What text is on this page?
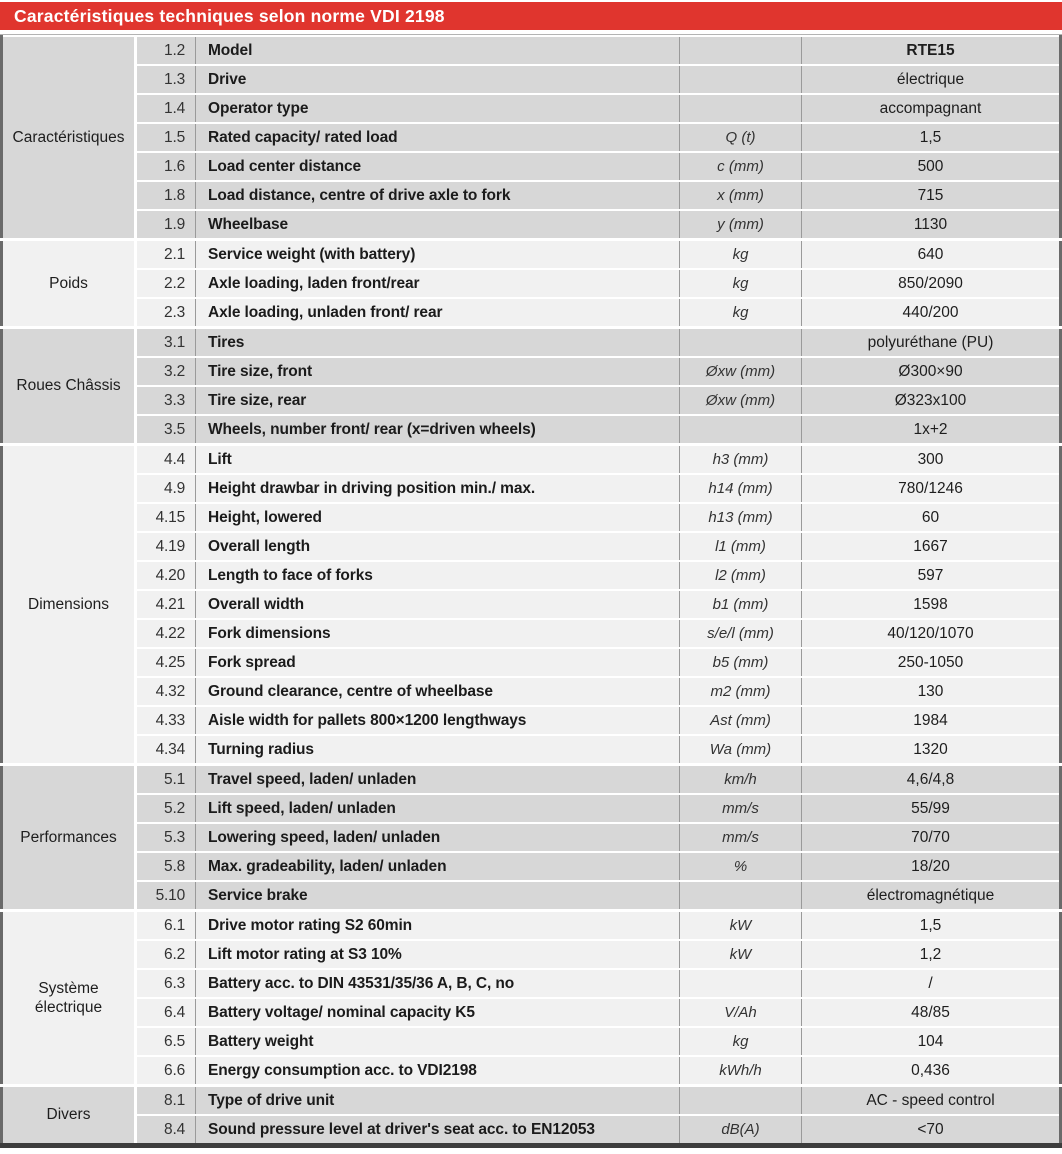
Caractéristiques techniques selon norme VDI 2198
Caractéristiques	1.2	Model		RTE15
	1.3	Drive		électrique
	1.4	Operator type		accompagnant
	1.5	Rated capacity/ rated load	Q (t)	1,5
	1.6	Load center distance	c (mm)	500
	1.8	Load distance, centre of drive axle to fork	x (mm)	715
	1.9	Wheelbase	y (mm)	1130
Poids	2.1	Service weight (with battery)	kg	640
	2.2	Axle loading, laden front/rear	kg	850/2090
	2.3	Axle loading, unladen front/ rear	kg	440/200
Roues Châssis	3.1	Tires		polyuréthane (PU)
	3.2	Tire size, front	Øxw (mm)	Ø300×90
	3.3	Tire size, rear	Øxw (mm)	Ø323x100
	3.5	Wheels, number front/ rear (x=driven wheels)		1x+2
Dimensions	4.4	Lift	h3 (mm)	300
	4.9	Height drawbar in driving position min./ max.	h14 (mm)	780/1246
	4.15	Height, lowered	h13 (mm)	60
	4.19	Overall length	l1 (mm)	1667
	4.20	Length to face of forks	l2 (mm)	597
	4.21	Overall width	b1 (mm)	1598
	4.22	Fork dimensions	s/e/l (mm)	40/120/1070
	4.25	Fork spread	b5 (mm)	250-1050
	4.32	Ground clearance, centre of wheelbase	m2 (mm)	130
	4.33	Aisle width for pallets 800×1200 lengthways	Ast (mm)	1984
	4.34	Turning radius	Wa (mm)	1320
Performances	5.1	Travel speed, laden/ unladen	km/h	4,6/4,8
	5.2	Lift speed, laden/ unladen	mm/s	55/99
	5.3	Lowering speed, laden/ unladen	mm/s	70/70
	5.8	Max. gradeability, laden/ unladen	%	18/20
	5.10	Service brake		électromagnétique
Système électrique	6.1	Drive motor rating S2 60min	kW	1,5
	6.2	Lift motor rating at S3 10%	kW	1,2
	6.3	Battery acc. to DIN 43531/35/36 A, B, C, no		/
	6.4	Battery voltage/ nominal capacity K5	V/Ah	48/85
	6.5	Battery weight	kg	104
	6.6	Energy consumption acc. to VDI2198	kWh/h	0,436
Divers	8.1	Type of drive unit		AC - speed control
	8.4	Sound pressure level at driver's seat acc. to EN12053	dB(A)	<70
